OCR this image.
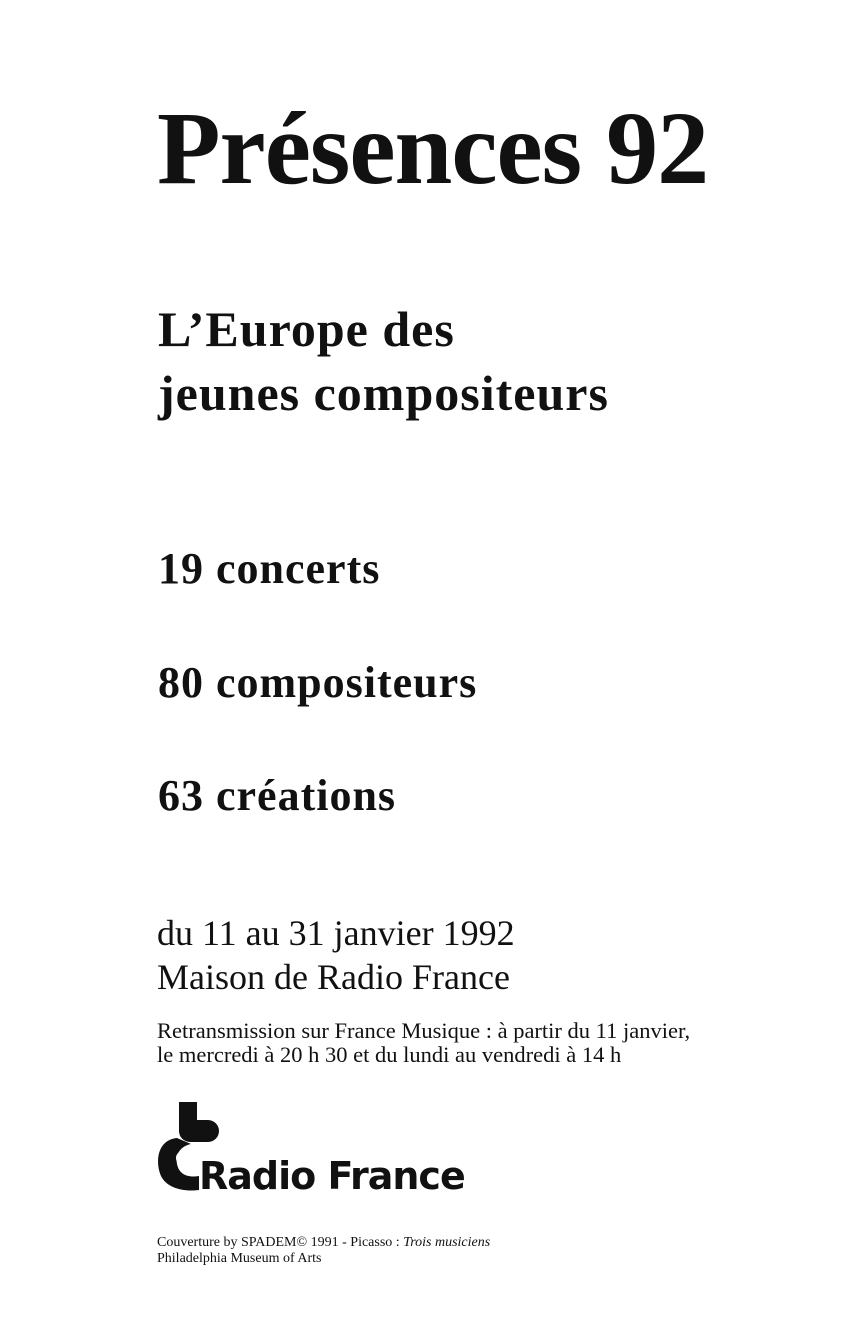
Présences 92
L’Europe des
jeunes compositeurs
19 concerts
80 compositeurs
63 créations
du 11 au 31 janvier 1992
Maison de Radio France
Retransmission sur France Musique : à partir du 11 janvier,
le mercredi à 20 h 30 et du lundi au vendredi à 14 h
Radio France
Couverture by SPADEM© 1991 - Picasso : Trois musiciens
Philadelphia Museum of Arts
